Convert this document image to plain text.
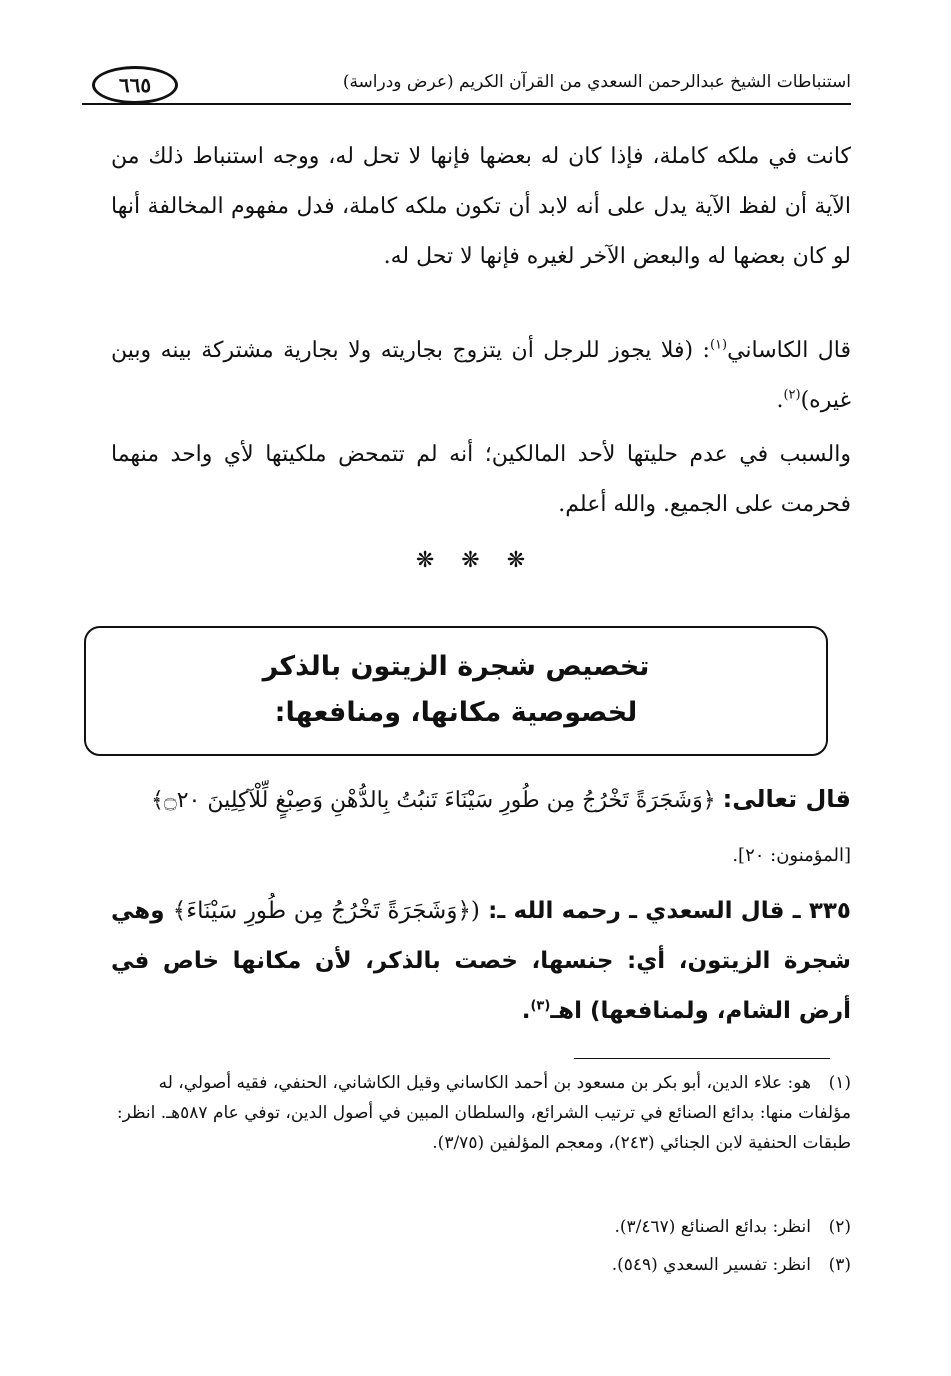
استنباطات الشيخ عبدالرحمن السعدي من القرآن الكريم (عرض ودراسة)
٦٦٥

كانت في ملكه كاملة، فإذا كان له بعضها فإنها لا تحل له، ووجه استنباط ذلك من الآية أن لفظ الآية يدل على أنه لابد أن تكون ملكه كاملة، فدل مفهوم المخالفة أنها لو كان بعضها له والبعض الآخر لغيره فإنها لا تحل له.

قال الكاساني$^{(١)}$: (فلا يجوز للرجل أن يتزوج بجاريته ولا بجارية مشتركة بينه وبين غيره)$^{(٢)}$.

والسبب في عدم حليتها لأحد المالكين؛ أنه لم تتمحض ملكيتها لأي واحد منهما فحرمت على الجميع. والله أعلم.

❋ ❋ ❋
تخصيص شجرة الزيتون بالذكر
لخصوصية مكانها، ومنافعها:

قال تعالى: ﴿وَشَجَرَةً تَخْرُجُ مِن طُورِ سَيْنَاءَ تَنبُتُ بِالدُّهْنِ وَصِبْغٍ لِّلْآكِلِينَ ۝٢٠﴾ [المؤمنون: ٢٠].

٣٣٥ ـ قال السعدي ـ رحمه الله ـ: (﴿وَشَجَرَةً تَخْرُجُ مِن طُورِ سَيْنَاءَ﴾ وهي شجرة الزيتون، أي: جنسها، خصت بالذكر، لأن مكانها خاص في أرض الشام، ولمنافعها) اهـ$^{(٣)}$.

(١)هو: علاء الدين، أبو بكر بن مسعود بن أحمد الكاساني وقيل الكاشاني، الحنفي، فقيه أصولي، له مؤلفات منها: بدائع الصنائع في ترتيب الشرائع، والسلطان المبين في أصول الدين، توفي عام ٥٨٧هـ. انظر: طبقات الحنفية لابن الجنائي (٢٤٣)، ومعجم المؤلفين (٣/٧٥).

(٢)انظر: بدائع الصنائع (٣/٤٦٧).

(٣)انظر: تفسير السعدي (٥٤٩).
